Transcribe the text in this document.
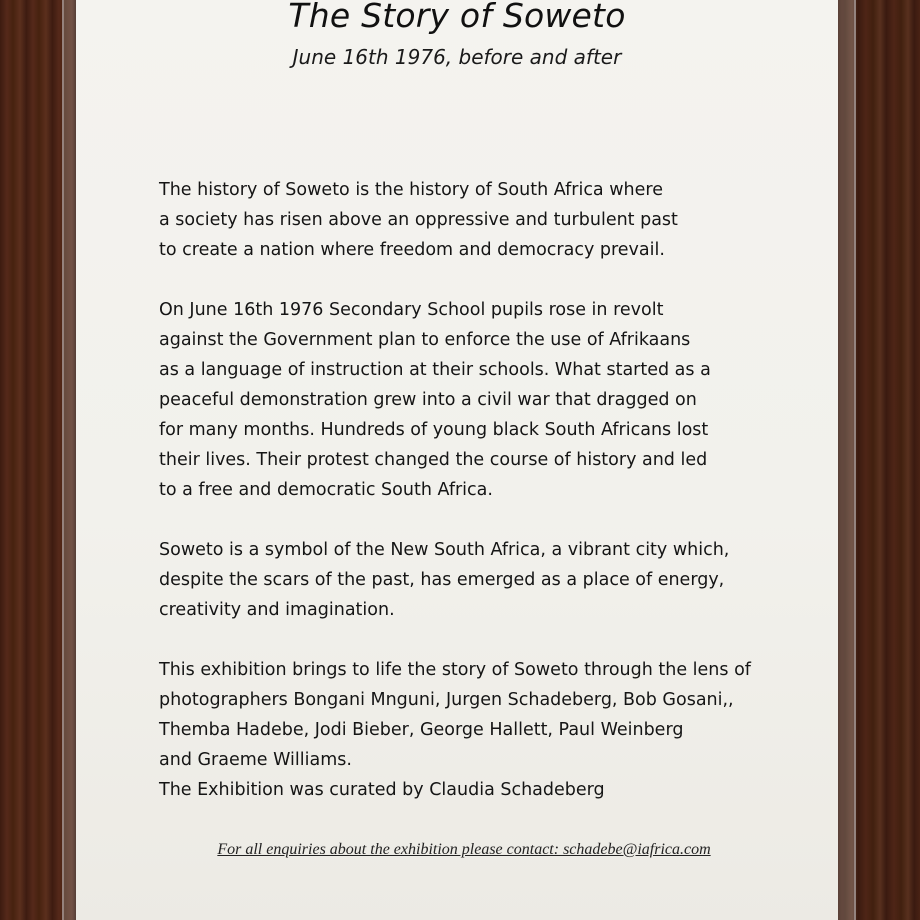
The Story of Soweto
June 16th 1976, before and after

The history of Soweto is the history of South Africa where
a society has risen above an oppressive and turbulent past
to create a nation where freedom and democracy prevail.

On June 16th 1976 Secondary School pupils rose in revolt
against the Government plan to enforce the use of Afrikaans
as a language of instruction at their schools. What started as a
peaceful demonstration grew into a civil war that dragged on
for many months. Hundreds of young black South Africans lost
their lives. Their protest changed the course of history and led
to a free and democratic South Africa.

Soweto is a symbol of the New South Africa, a vibrant city which,
despite the scars of the past, has emerged as a place of energy,
creativity and imagination.

This exhibition brings to life the story of Soweto through the lens of
photographers Bongani Mnguni, Jurgen Schadeberg, Bob Gosani,,
Themba Hadebe, Jodi Bieber, George Hallett, Paul Weinberg
and Graeme Williams.
The Exhibition was curated by Claudia Schadeberg

For all enquiries about the exhibition please contact: schadebe@iafrica.com
